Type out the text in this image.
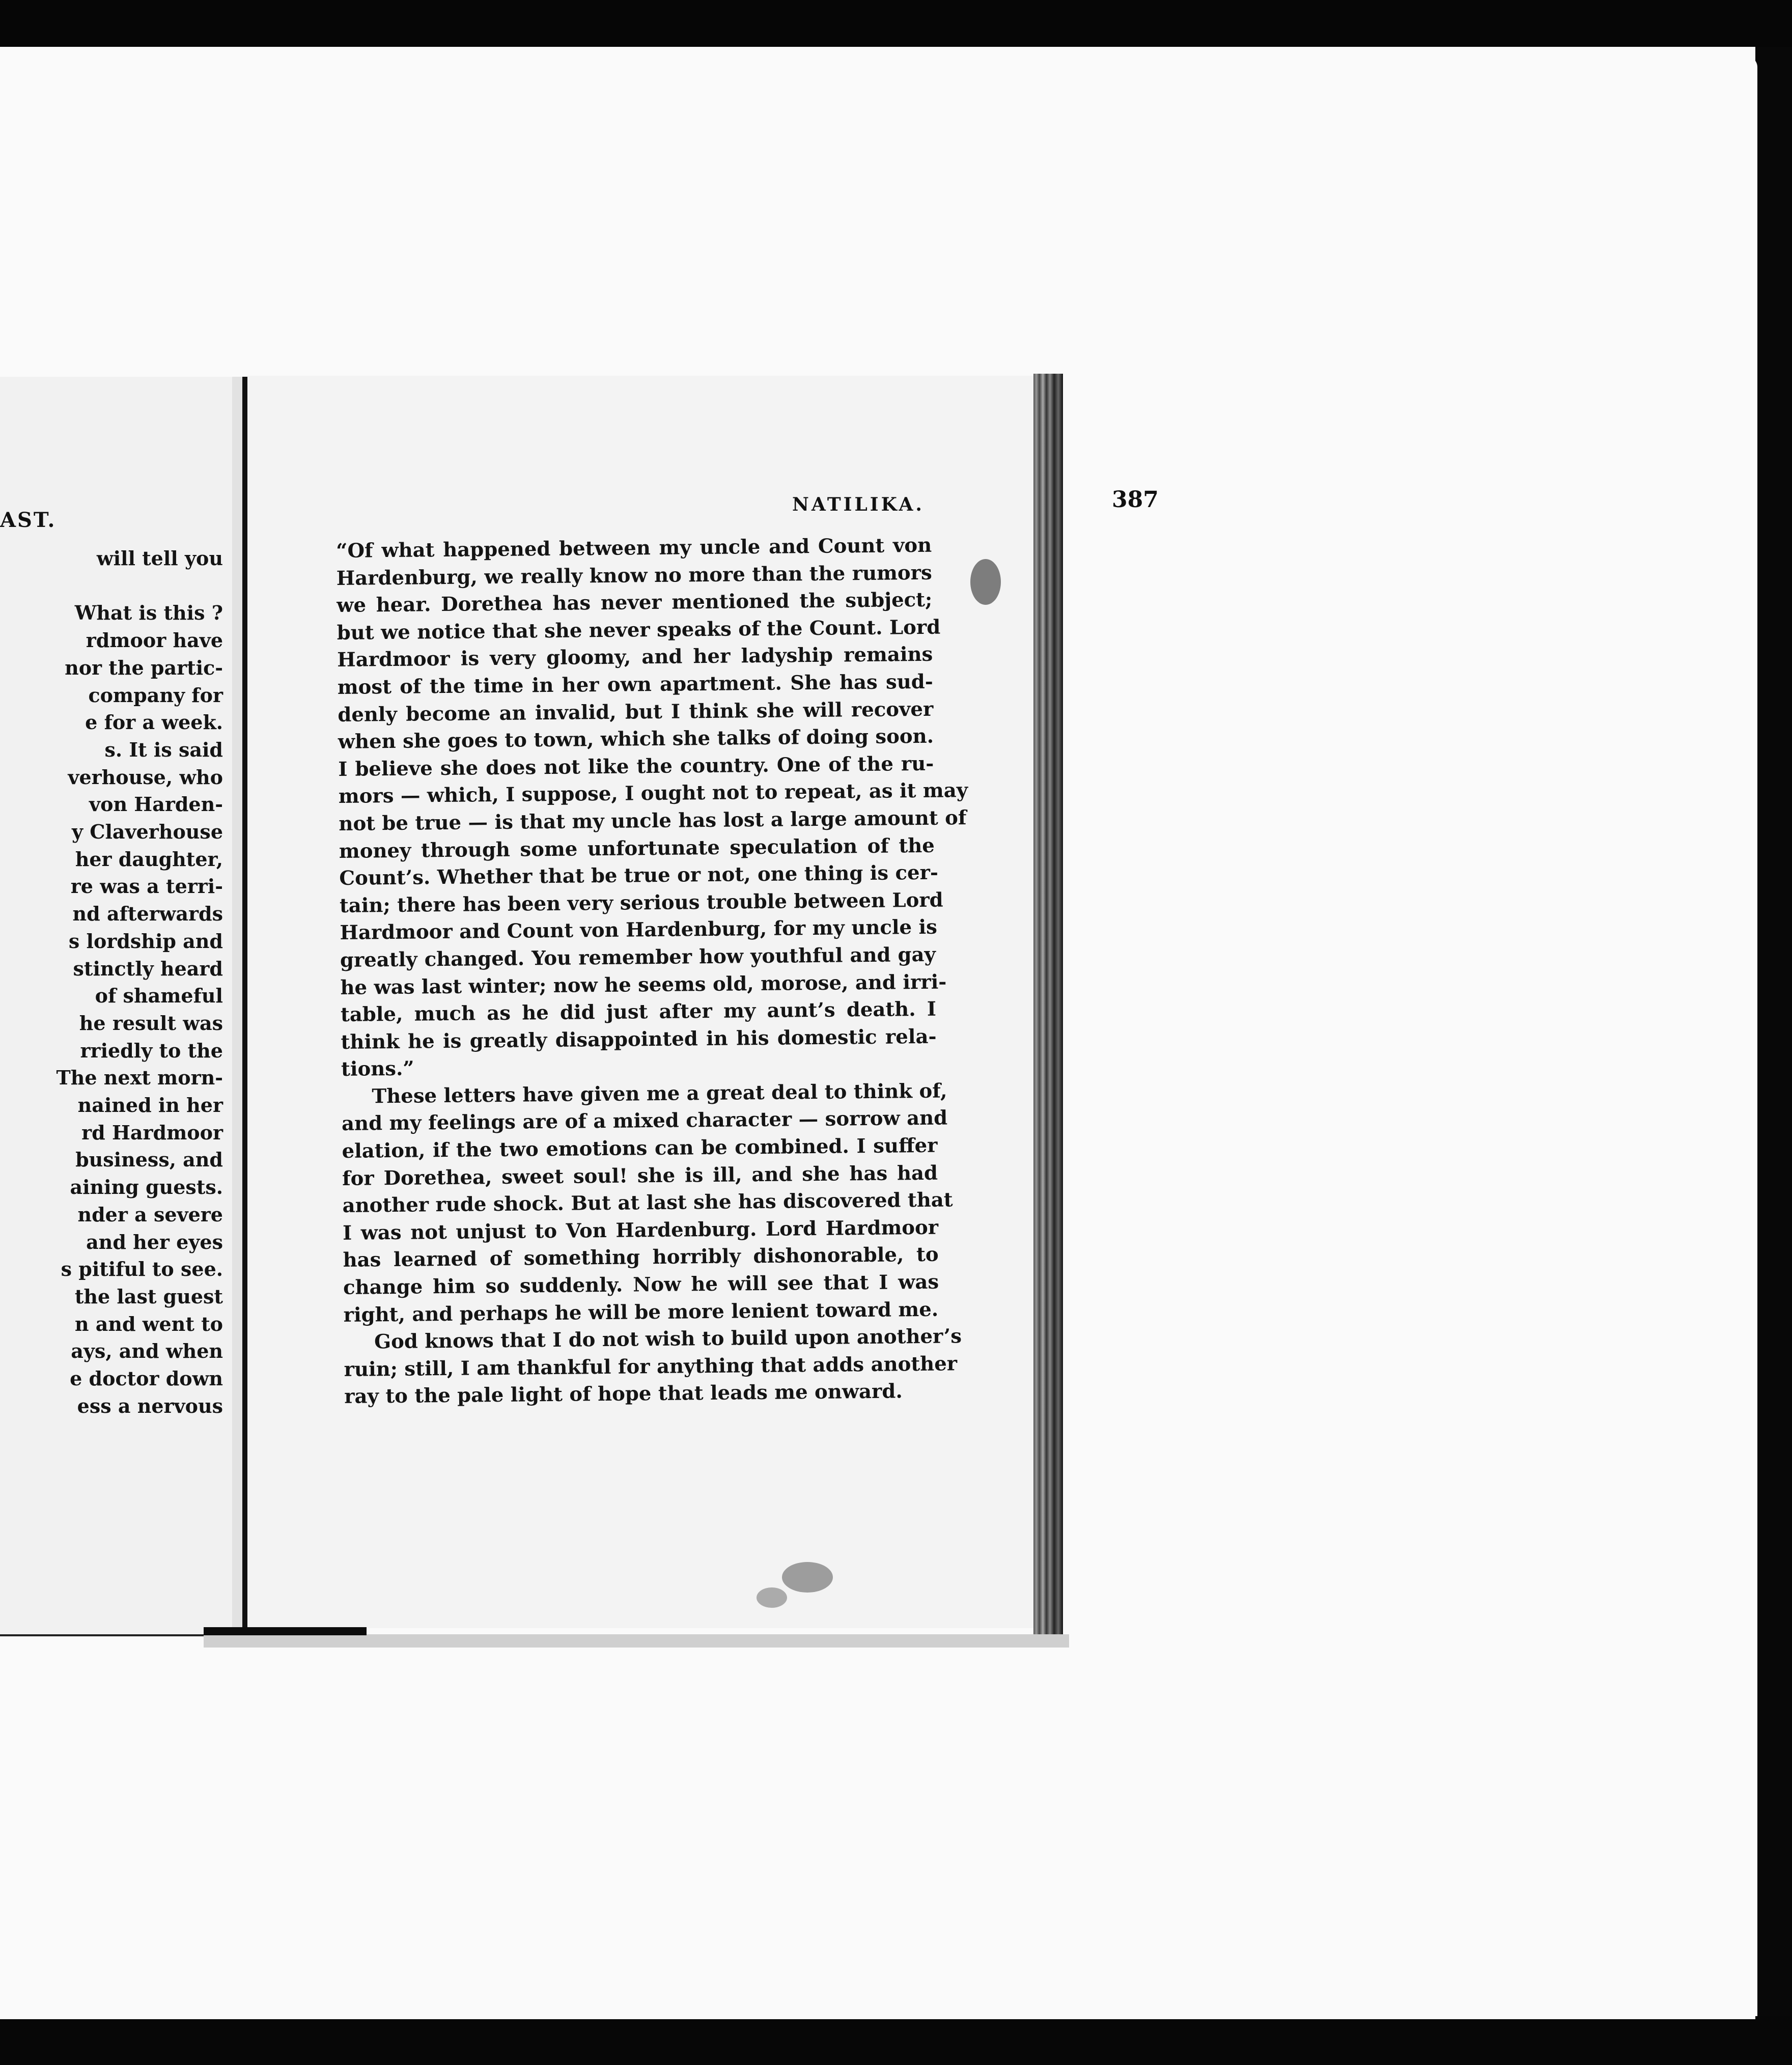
AST.
will tell you

What is this ?
rdmoor have
nor the partic-
company for
e for a week.
s. It is said
verhouse, who
von Harden-
y Claverhouse
her daughter,
re was a terri-
nd afterwards
s lordship and
stinctly heard
of shameful
he result was
rriedly to the
The next morn-
nained in her
rd Hardmoor
business, and
aining guests.
nder a severe
and her eyes
s pitiful to see.
the last guest
n and went to
ays, and when
e doctor down
ess a nervous
NATILIKA.	387
“Of what happened between my uncle and Count von
Hardenburg, we really know no more than the rumors
we hear. Dorethea has never mentioned the subject;
but we notice that she never speaks of the Count. Lord
Hardmoor is very gloomy, and her ladyship remains
most of the time in her own apartment. She has sud-
denly become an invalid, but I think she will recover
when she goes to town, which she talks of doing soon.
I believe she does not like the country. One of the ru-
mors — which, I suppose, I ought not to repeat, as it may
not be true — is that my uncle has lost a large amount of
money through some unfortunate speculation of the
Count’s. Whether that be true or not, one thing is cer-
tain; there has been very serious trouble between Lord
Hardmoor and Count von Hardenburg, for my uncle is
greatly changed. You remember how youthful and gay
he was last winter; now he seems old, morose, and irri-
table, much as he did just after my aunt’s death. I
think he is greatly disappointed in his domestic rela-
tions.”
These letters have given me a great deal to think of,
and my feelings are of a mixed character — sorrow and
elation, if the two emotions can be combined. I suffer
for Dorethea, sweet soul! she is ill, and she has had
another rude shock. But at last she has discovered that
I was not unjust to Von Hardenburg. Lord Hardmoor
has learned of something horribly dishonorable, to
change him so suddenly. Now he will see that I was
right, and perhaps he will be more lenient toward me.
God knows that I do not wish to build upon another’s
ruin; still, I am thankful for anything that adds another
ray to the pale light of hope that leads me onward.
